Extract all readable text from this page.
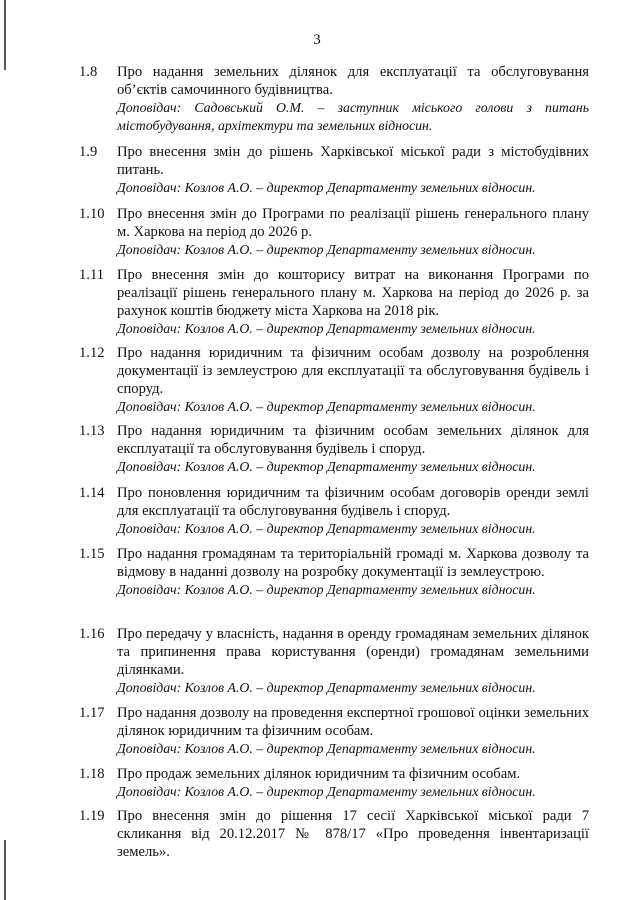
3
1.8 Про надання земельних ділянок для експлуатації та обслуговування об’єктів самочинного будівництва.

Доповідач: Садовський О.М. – заступник міського голови з питань містобудування, архітектури та земельних відносин.

1.9 Про внесення змін до рішень Харківської міської ради з містобудівних питань.

Доповідач: Козлов А.О. – директор Департаменту земельних відносин.

1.10 Про внесення змін до Програми по реалізації рішень генерального плану м. Харкова на період до 2026 р.

Доповідач: Козлов А.О. – директор Департаменту земельних відносин.

1.11 Про внесення змін до кошторису витрат на виконання Програми по реалізації рішень генерального плану м. Харкова на період до 2026 р. за рахунок коштів бюджету міста Харкова на 2018 рік.

Доповідач: Козлов А.О. – директор Департаменту земельних відносин.

1.12 Про надання юридичним та фізичним особам дозволу на розроблення документації із землеустрою для експлуатації та обслуговування будівель і споруд.

Доповідач: Козлов А.О. – директор Департаменту земельних відносин.

1.13 Про надання юридичним та фізичним особам земельних ділянок для експлуатації та обслуговування будівель і споруд.

Доповідач: Козлов А.О. – директор Департаменту земельних відносин.

1.14 Про поновлення юридичним та фізичним особам договорів оренди землі для експлуатації та обслуговування будівель і споруд.

Доповідач: Козлов А.О. – директор Департаменту земельних відносин.

1.15 Про надання громадянам та територіальній громаді м. Харкова дозволу та відмову в наданні дозволу на розробку документації із землеустрою.

Доповідач: Козлов А.О. – директор Департаменту земельних відносин.

1.16 Про передачу у власність, надання в оренду громадянам земельних ділянок та припинення права користування (оренди) громадянам земельними ділянками.

Доповідач: Козлов А.О. – директор Департаменту земельних відносин.

1.17 Про надання дозволу на проведення експертної грошової оцінки земельних ділянок юридичним та фізичним особам.

Доповідач: Козлов А.О. – директор Департаменту земельних відносин.

1.18 Про продаж земельних ділянок юридичним та фізичним особам.

Доповідач: Козлов А.О. – директор Департаменту земельних відносин.

1.19 Про внесення змін до рішення 17 сесії Харківської міської ради 7 скликання від 20.12.2017 № 878/17 «Про проведення інвентаризації земель».
